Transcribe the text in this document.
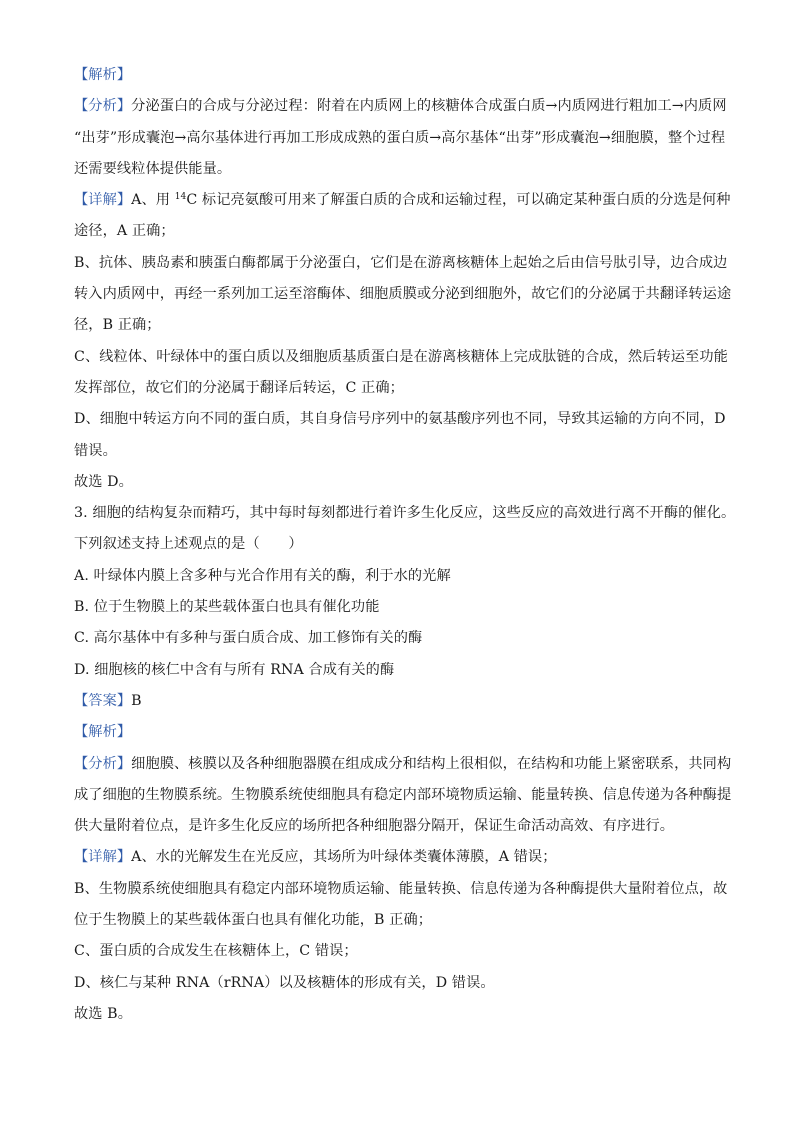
【解析】
【分析】分泌蛋白的合成与分泌过程：附着在内质网上的核糖体合成蛋白质→内质网进行粗加工→内质网
“出芽”形成囊泡→高尔基体进行再加工形成成熟的蛋白质→高尔基体“出芽”形成囊泡→细胞膜，整个过程
还需要线粒体提供能量。
【详解】A、用 $^{14}$C 标记亮氨酸可用来了解蛋白质的合成和运输过程，可以确定某种蛋白质的分选是何种
途径，A 正确；
B、抗体、胰岛素和胰蛋白酶都属于分泌蛋白，它们是在游离核糖体上起始之后由信号肽引导，边合成边
转入内质网中，再经一系列加工运至溶酶体、细胞质膜或分泌到细胞外，故它们的分泌属于共翻译转运途
径，B 正确；
C、线粒体、叶绿体中的蛋白质以及细胞质基质蛋白是在游离核糖体上完成肽链的合成，然后转运至功能
发挥部位，故它们的分泌属于翻译后转运，C 正确；
D、细胞中转运方向不同的蛋白质，其自身信号序列中的氨基酸序列也不同，导致其运输的方向不同，D
错误。
故选 D。
3. 细胞的结构复杂而精巧，其中每时每刻都进行着许多生化反应，这些反应的高效进行离不开酶的催化。
下列叙述支持上述观点的是（　　）
A. 叶绿体内膜上含多种与光合作用有关的酶，利于水的光解
B. 位于生物膜上的某些载体蛋白也具有催化功能
C. 高尔基体中有多种与蛋白质合成、加工修饰有关的酶
D. 细胞核的核仁中含有与所有 RNA 合成有关的酶
【答案】B
【解析】
【分析】细胞膜、核膜以及各种细胞器膜在组成成分和结构上很相似，在结构和功能上紧密联系，共同构
成了细胞的生物膜系统。生物膜系统使细胞具有稳定内部环境物质运输、能量转换、信息传递为各种酶提
供大量附着位点，是许多生化反应的场所把各种细胞器分隔开，保证生命活动高效、有序进行。
【详解】A、水的光解发生在光反应，其场所为叶绿体类囊体薄膜，A 错误；
B、生物膜系统使细胞具有稳定内部环境物质运输、能量转换、信息传递为各种酶提供大量附着位点，故
位于生物膜上的某些载体蛋白也具有催化功能，B 正确；
C、蛋白质的合成发生在核糖体上，C 错误；
D、核仁与某种 RNA（rRNA）以及核糖体的形成有关，D 错误。
故选 B。
